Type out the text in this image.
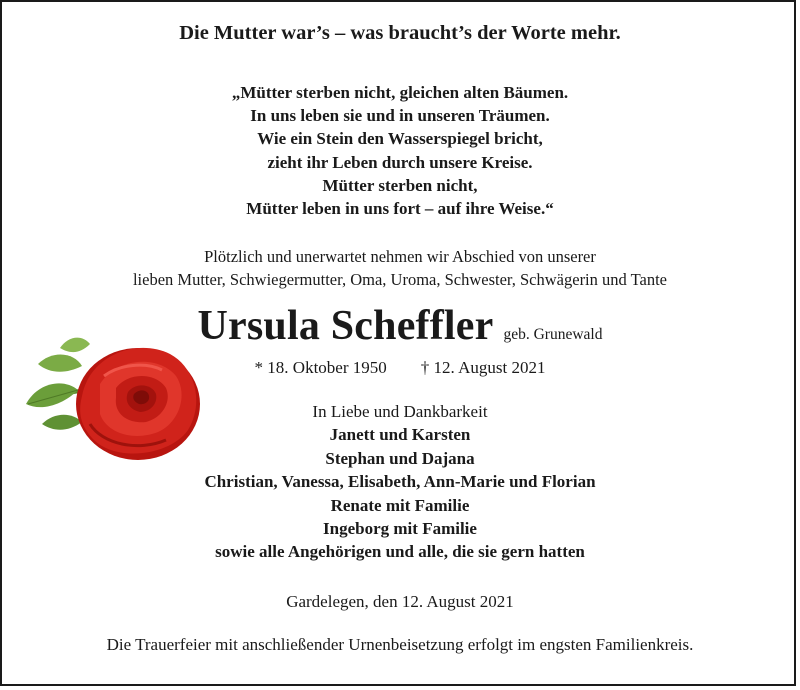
Die Mutter war’s – was braucht’s der Worte mehr.
„Mütter sterben nicht, gleichen alten Bäumen.
In uns leben sie und in unseren Träumen.
Wie ein Stein den Wasserspiegel bricht,
zieht ihr Leben durch unsere Kreise.
Mütter sterben nicht,
Mütter leben in uns fort – auf ihre Weise.“
Plötzlich und unerwartet nehmen wir Abschied von unserer
lieben Mutter, Schwiegermutter, Oma, Uroma, Schwester, Schwägerin und Tante
Ursula Scheffler geb. Grunewald
* 18. Oktober 1950 † 12. August 2021
In Liebe und Dankbarkeit
Janett und Karsten
Stephan und Dajana
Christian, Vanessa, Elisabeth, Ann-Marie und Florian
Renate mit Familie
Ingeborg mit Familie
sowie alle Angehörigen und alle, die sie gern hatten
Gardelegen, den 12. August 2021
Die Trauerfeier mit anschließender Urnenbeisetzung erfolgt im engsten Familienkreis.
